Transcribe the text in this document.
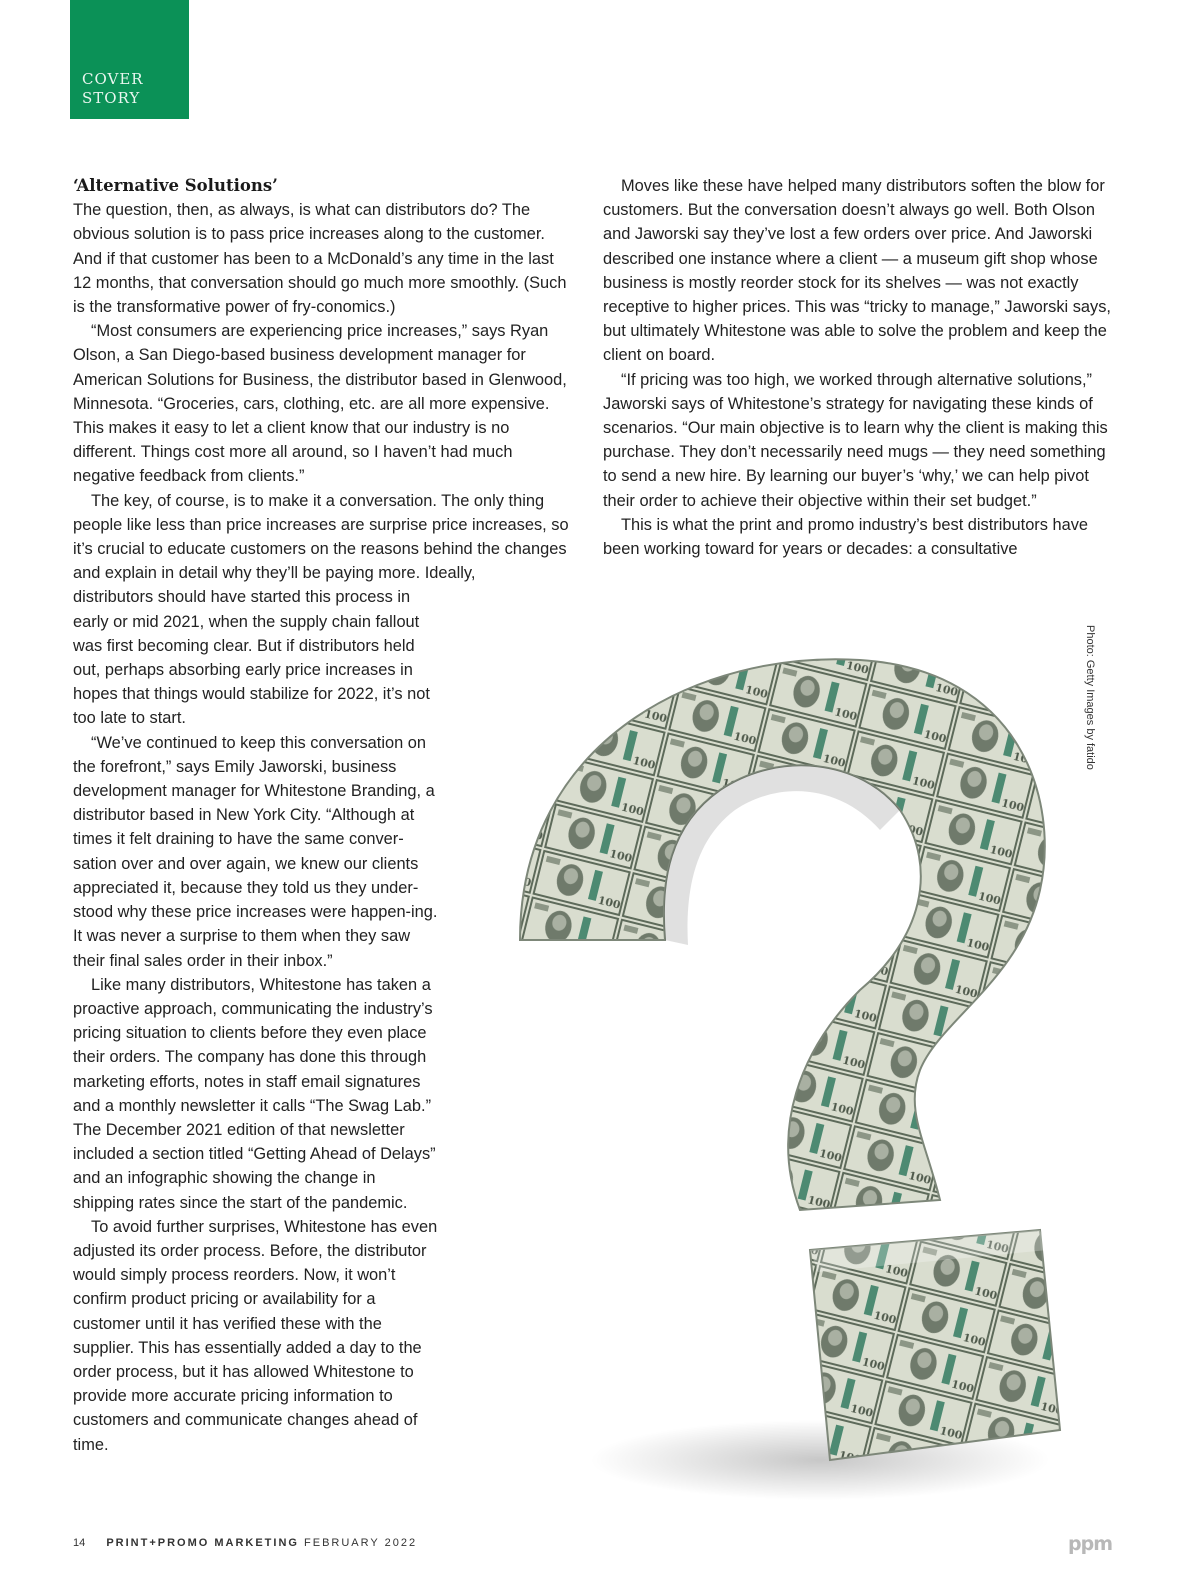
COVER
STORY
‘Alternative Solutions’

The question, then, as always, is what can distributors do? The obvious solution is to pass price increases along to the customer. And if that customer has been to a McDonald’s any time in the last 12 months, that conversation should go much more smoothly. (Such is the transformative power of fry-conomics.)

“Most consumers are experiencing price increases,” says Ryan Olson, a San Diego-based business development manager for American Solutions for Business, the distributor based in Glenwood, Minnesota. “Groceries, cars, clothing, etc. are all more expensive. This makes it easy to let a client know that our industry is no different. Things cost more all around, so I haven’t had much negative feedback from clients.”

The key, of course, is to make it a conversation. The only thing people like less than price increases are surprise price increases, so it’s crucial to educate customers on the reasons behind the changes and explain in detail why they’ll be paying more. Ideally,

distributors should have started this process in early or mid 2021, when the supply chain fallout was first becoming clear. But if distributors held out, perhaps absorbing early price increases in hopes that things would stabilize for 2022, it’s not too late to start.

“We’ve continued to keep this conversation on the forefront,” says Emily Jaworski, business development manager for Whitestone Branding, a distributor based in New York City. “Although at times it felt draining to have the same conver-sation over and over again, we knew our clients appreciated it, because they told us they under-stood why these price increases were happen-ing. It was never a surprise to them when they saw their final sales order in their inbox.”

Like many distributors, Whitestone has taken a proactive approach, communicating the industry’s pricing situation to clients before they even place their orders. The company has done this through marketing efforts, notes in staff email signatures and a monthly newsletter it calls “The Swag Lab.” The December 2021 edition of that newsletter included a section titled “Getting Ahead of Delays” and an infographic showing the change in shipping rates since the start of the pandemic.

To avoid further surprises, Whitestone has even adjusted its order process. Before, the distributor would simply process reorders. Now, it won’t confirm product pricing or availability for a customer until it has verified these with the supplier. This has essentially added a day to the order process, but it has allowed Whitestone to provide more accurate pricing information to customers and communicate changes ahead of time.

Moves like these have helped many distributors soften the blow for customers. But the conversation doesn’t always go well. Both Olson and Jaworski say they’ve lost a few orders over price. And Jaworski described one instance where a client — a museum gift shop whose business is mostly reorder stock for its shelves — was not exactly receptive to higher prices. This was “tricky to manage,” Jaworski says, but ultimately Whitestone was able to solve the problem and keep the client on board.

“If pricing was too high, we worked through alternative solutions,” Jaworski says of Whitestone’s strategy for navigating these kinds of scenarios. “Our main objective is to learn why the client is making this purchase. They don’t necessarily need mugs — they need something to send a new hire. By learning our buyer’s ‘why,’ we can help pivot their order to achieve their objective within their set budget.”

This is what the print and promo industry’s best distributors have been working toward for years or decades: a consultative

Photo: Getty Images by fatido
14 PRINT+PROMO MARKETING FEBRUARY 2022	ppm
